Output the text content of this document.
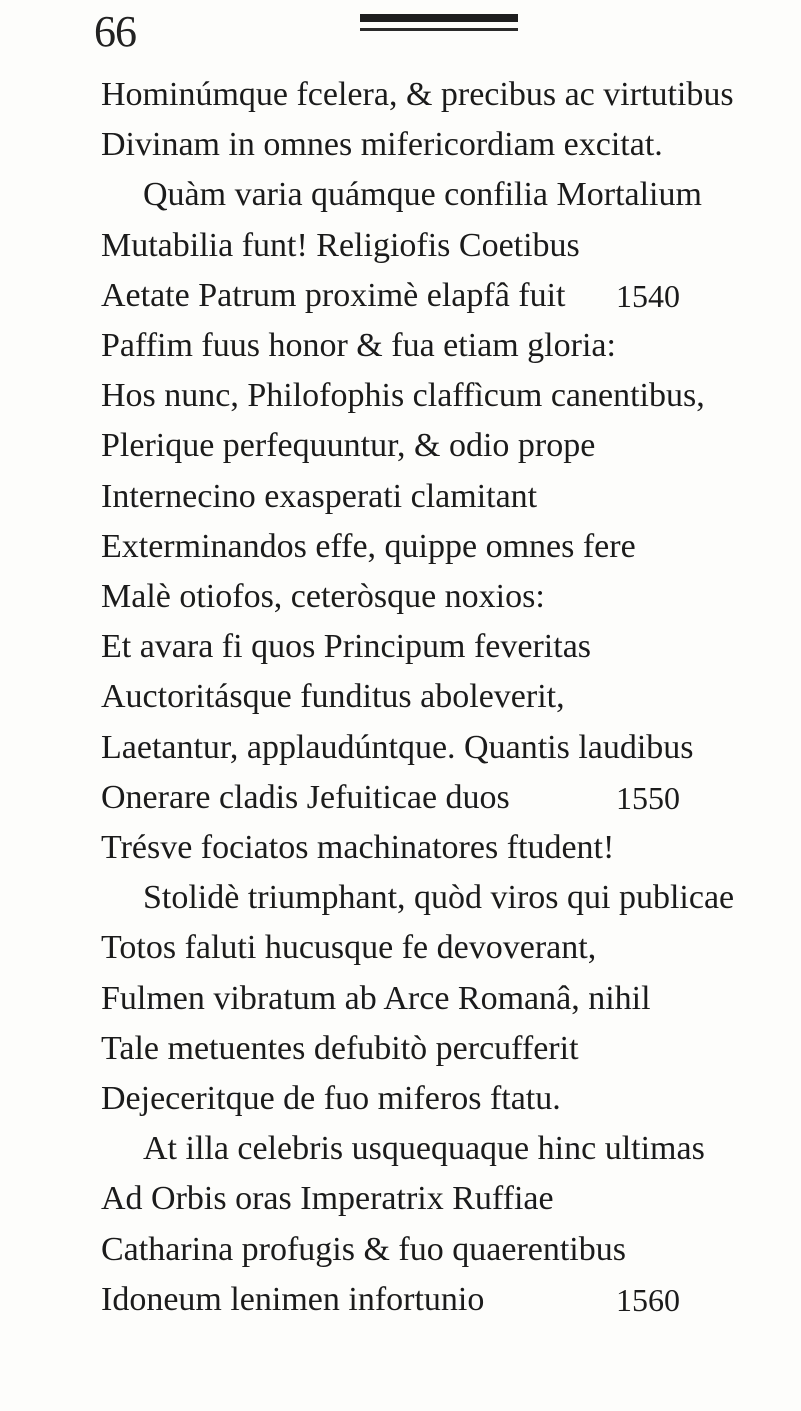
66
Hominúmque fcelera, & precibus ac virtutibus
Divinam in omnes mifericordiam excitat.
Quàm varia quámque confilia Mortalium
Mutabilia funt! Religiofis Coetibus
Aetate Patrum proximè elapfâ fuit 1540
Paffim fuus honor & fua etiam gloria:
Hos nunc, Philofophis claffìcum canentibus,
Plerique perfequuntur, & odio prope
Internecino exasperati clamitant
Exterminandos effe, quippe omnes fere
Malè otiofos, ceteròsque noxios:
Et avara fi quos Principum feveritas
Auctoritásque funditus aboleverit,
Laetantur, applaudúntque. Quantis laudibus
Onerare cladis Jefuiticae duos	1550
Trésve fociatos machinatores ftudent!
Stolidè triumphant, quòd viros qui publicae
Totos faluti hucusque fe devoverant,
Fulmen vibratum ab Arce Romanâ, nihil
Tale metuentes defubitò percufferit
Dejeceritque de fuo miferos ftatu.
At illa celebris usquequaque hinc ultimas
Ad Orbis oras Imperatrix Ruffiae
Catharina profugis & fuo quaerentibus
Idoneum lenimen infortunio	1560
